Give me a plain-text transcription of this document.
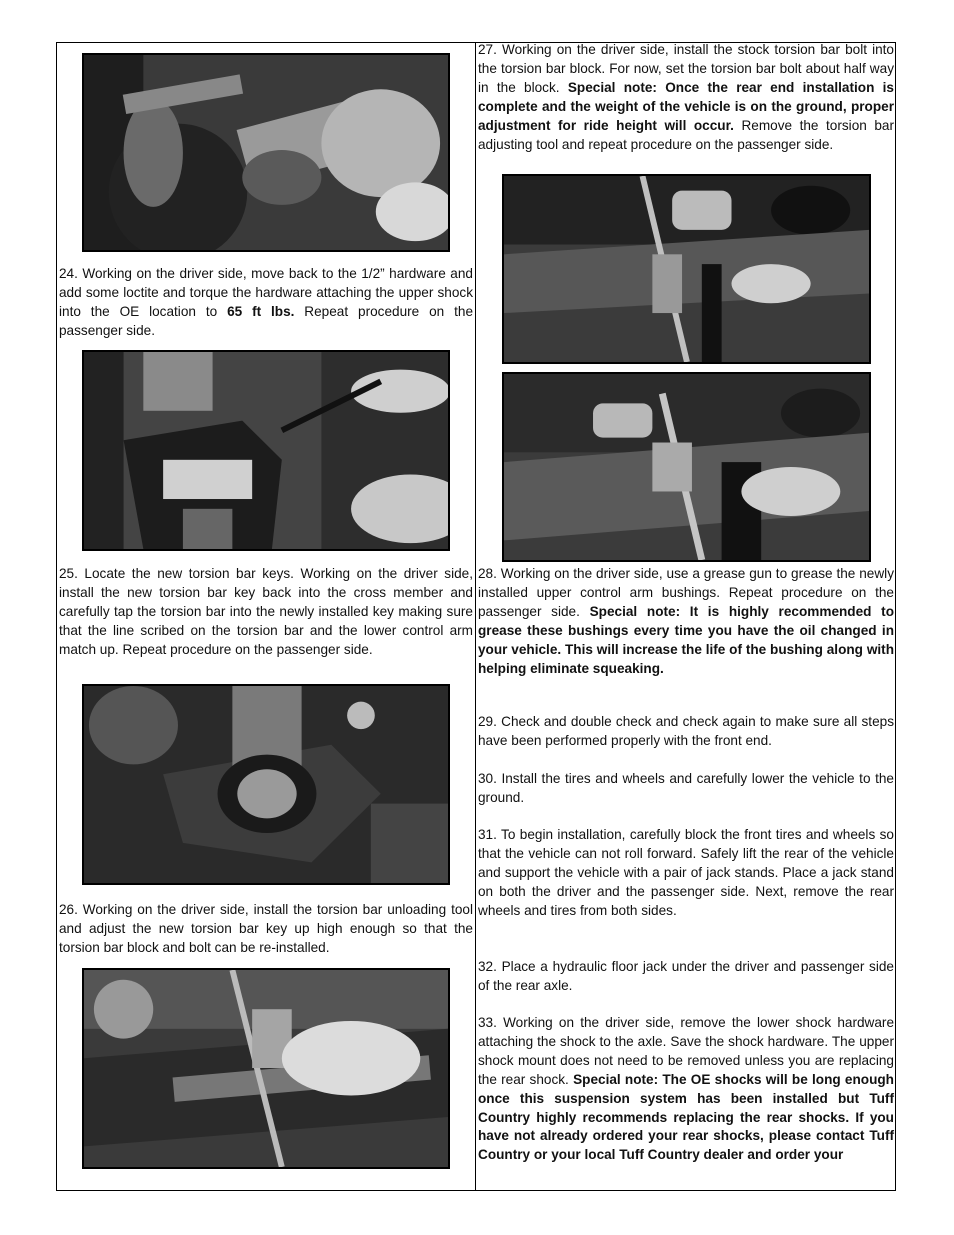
24. Working on the driver side, move back to the 1/2” hardware and add some loctite and torque the hardware attaching the upper shock into the OE location to 65 ft lbs. Repeat procedure on the passenger side.

25. Locate the new torsion bar keys. Working on the driver side, install the new torsion bar key back into the cross member and carefully tap the torsion bar into the newly installed key making sure that the line scribed on the torsion bar and the lower control arm match up. Repeat procedure on the passenger side.

26. Working on the driver side, install the torsion bar unloading tool and adjust the new torsion bar key up high enough so that the torsion bar block and bolt can be re-installed.

27. Working on the driver side, install the stock torsion bar bolt into the torsion bar block. For now, set the torsion bar bolt about half way in the block. Special note: Once the rear end installation is complete and the weight of the vehicle is on the ground, proper adjustment for ride height will occur. Remove the torsion bar adjusting tool and repeat procedure on the passenger side.

28. Working on the driver side, use a grease gun to grease the newly installed upper control arm bushings. Repeat procedure on the passenger side. Special note: It is highly recommended to grease these bushings every time you have the oil changed in your vehicle. This will increase the life of the bushing along with helping eliminate squeaking.

29. Check and double check and check again to make sure all steps have been performed properly with the front end.

30. Install the tires and wheels and carefully lower the vehicle to the ground.

31. To begin installation, carefully block the front tires and wheels so that the vehicle can not roll forward. Safely lift the rear of the vehicle and support the vehicle with a pair of jack stands. Place a jack stand on both the driver and the passenger side. Next, remove the rear wheels and tires from both sides.

32. Place a hydraulic floor jack under the driver and passenger side of the rear axle.

33. Working on the driver side, remove the lower shock hardware attaching the shock to the axle. Save the shock hardware. The upper shock mount does not need to be removed unless you are replacing the rear shock. Special note: The OE shocks will be long enough once this suspension system has been installed but Tuff Country highly recommends replacing the rear shocks. If you have not already ordered your rear shocks, please contact Tuff Country or your local Tuff Country dealer and order your
